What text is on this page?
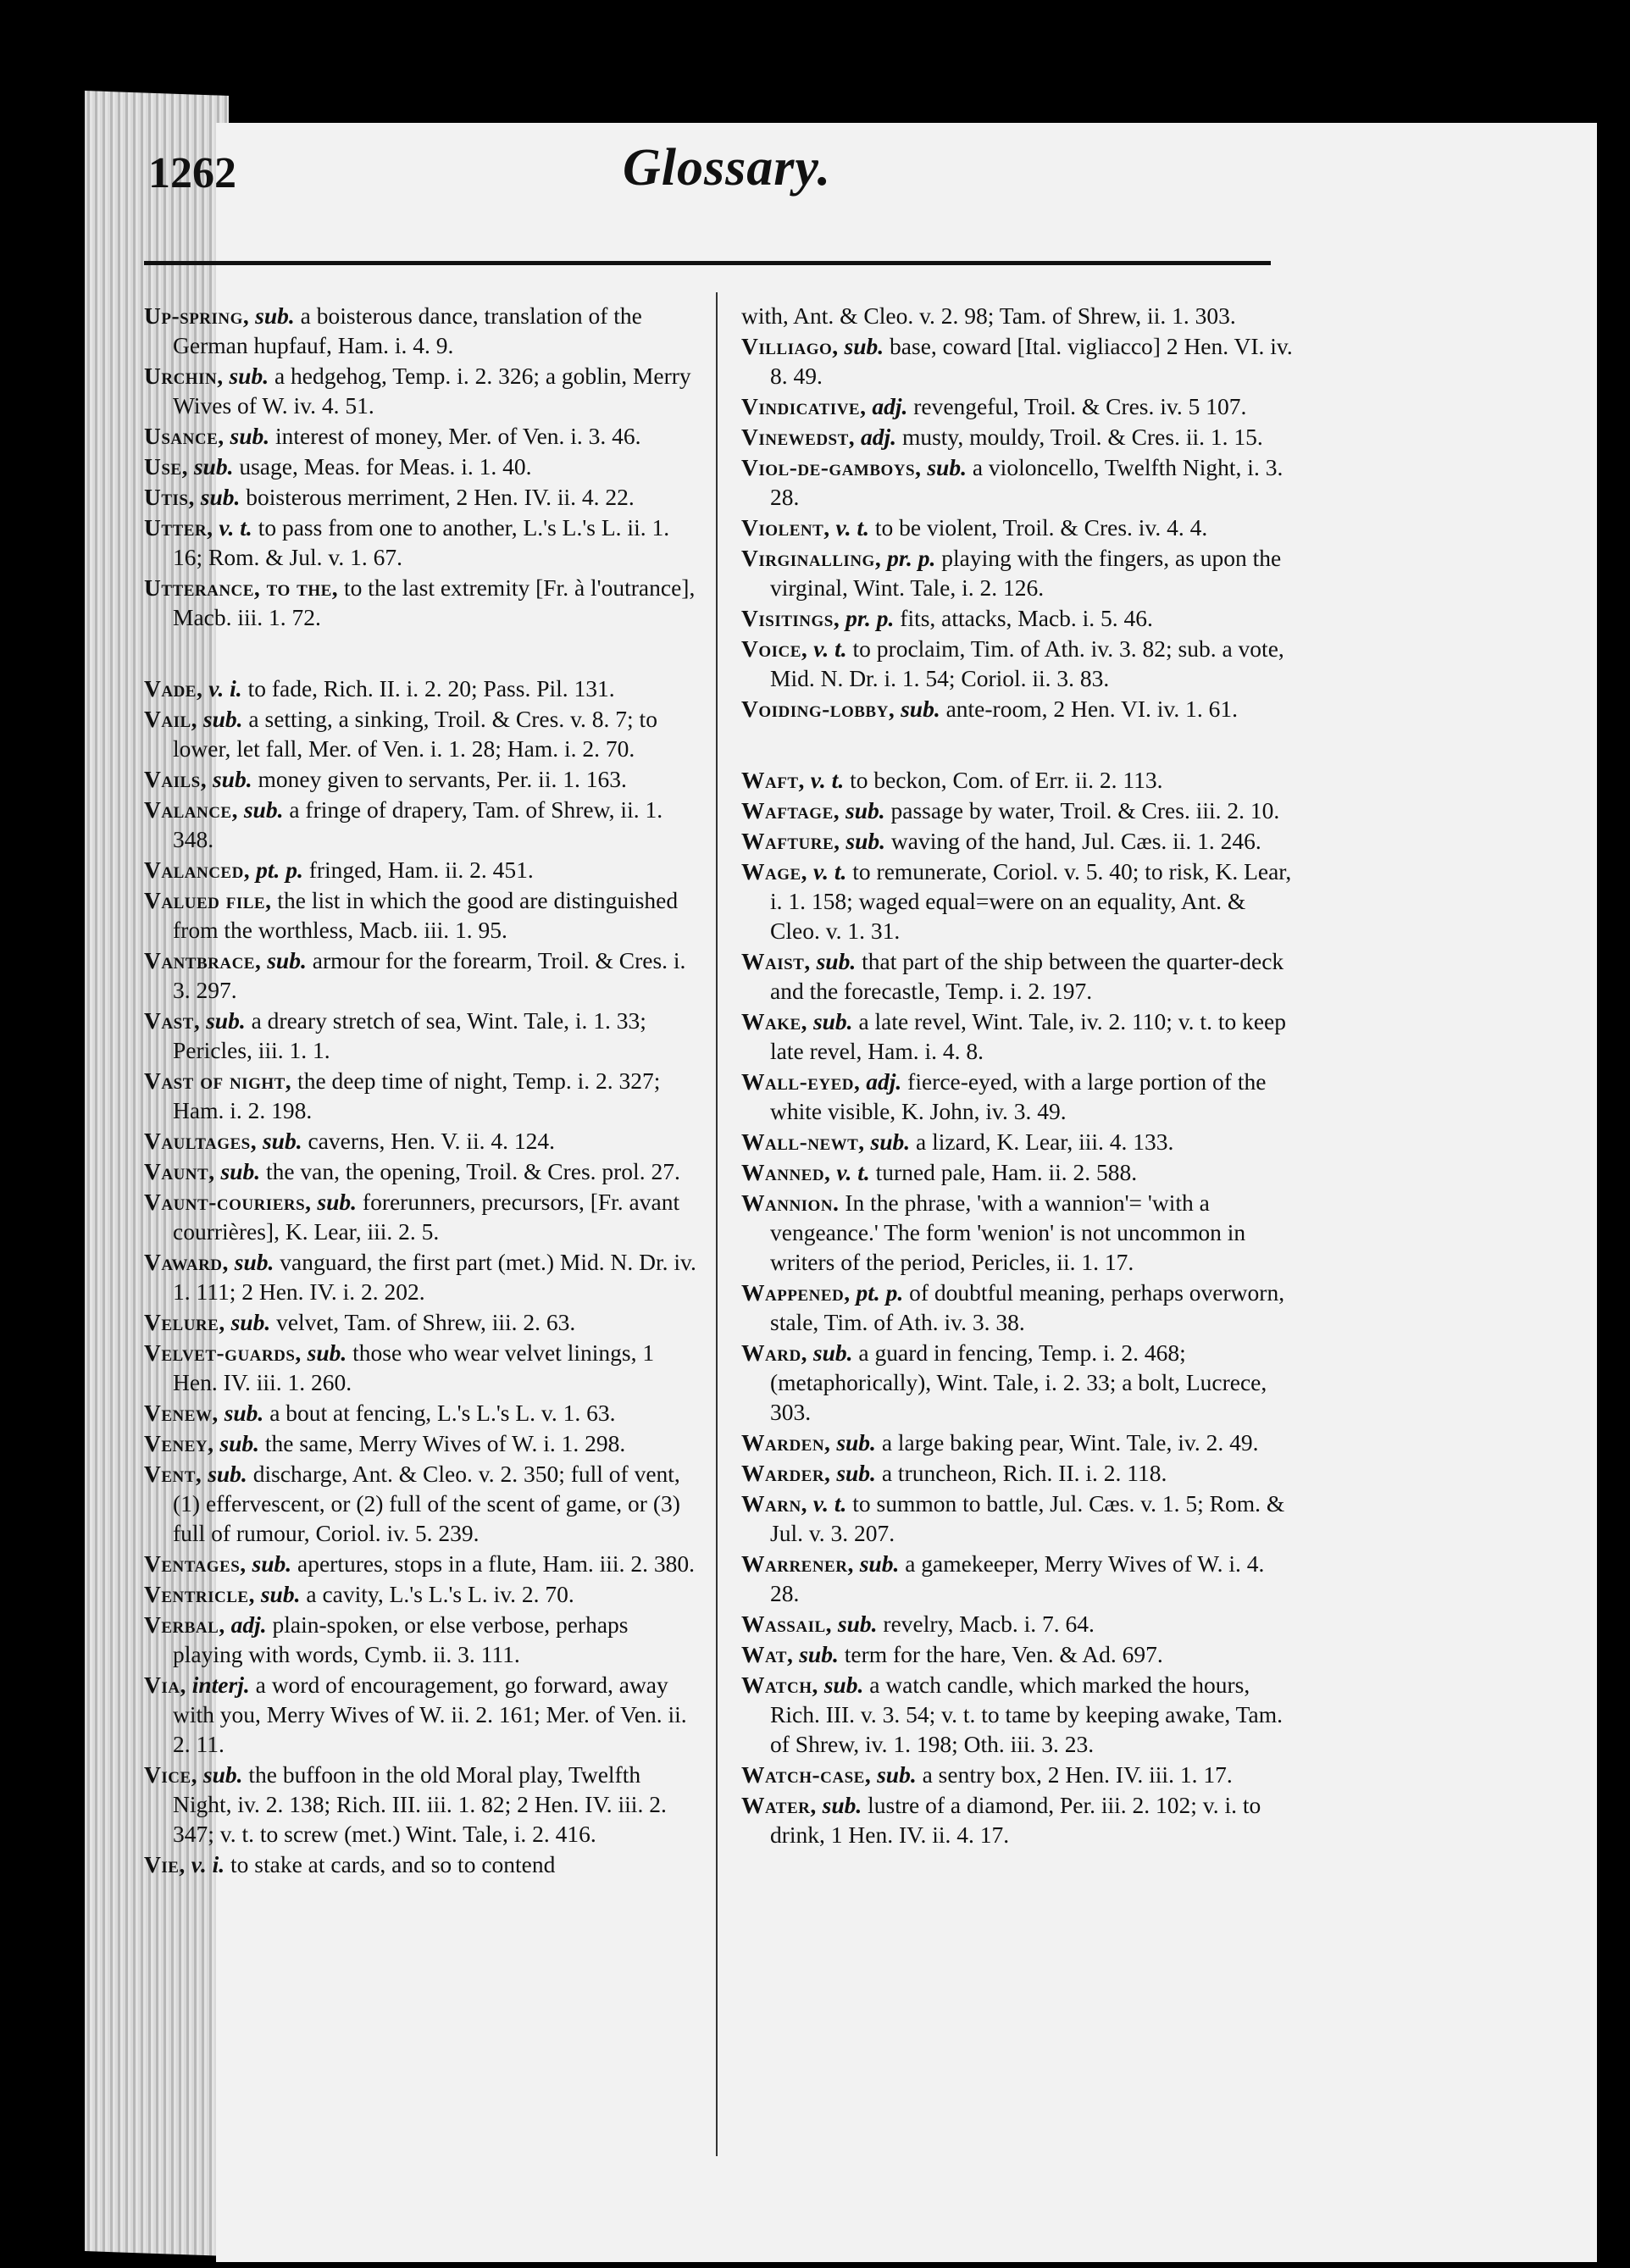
1262	Glossary.
Up-spring, sub. a boisterous dance, translation of the German hupfauf, Ham. i. 4. 9.
Urchin, sub. a hedgehog, Temp. i. 2. 326; a goblin, Merry Wives of W. iv. 4. 51.
Usance, sub. interest of money, Mer. of Ven. i. 3. 46.
Use, sub. usage, Meas. for Meas. i. 1. 40.
Utis, sub. boisterous merriment, 2 Hen. IV. ii. 4. 22.
Utter, v. t. to pass from one to another, L.'s L.'s L. ii. 1. 16; Rom. & Jul. v. 1. 67.
Utterance, to the, to the last extremity [Fr. à l'outrance], Macb. iii. 1. 72.
Vade, v. i. to fade, Rich. II. i. 2. 20; Pass. Pil. 131.
Vail, sub. a setting, a sinking, Troil. & Cres. v. 8. 7; to lower, let fall, Mer. of Ven. i. 1. 28; Ham. i. 2. 70.
Vails, sub. money given to servants, Per. ii. 1. 163.
Valance, sub. a fringe of drapery, Tam. of Shrew, ii. 1. 348.
Valanced, pt. p. fringed, Ham. ii. 2. 451.
Valued file, the list in which the good are distinguished from the worthless, Macb. iii. 1. 95.
Vantbrace, sub. armour for the forearm, Troil. & Cres. i. 3. 297.
Vast, sub. a dreary stretch of sea, Wint. Tale, i. 1. 33; Pericles, iii. 1. 1.
Vast of night, the deep time of night, Temp. i. 2. 327; Ham. i. 2. 198.
Vaultages, sub. caverns, Hen. V. ii. 4. 124.
Vaunt, sub. the van, the opening, Troil. & Cres. prol. 27.
Vaunt-couriers, sub. forerunners, precursors, [Fr. avant courrières], K. Lear, iii. 2. 5.
Vaward, sub. vanguard, the first part (met.) Mid. N. Dr. iv. 1. 111; 2 Hen. IV. i. 2. 202.
Velure, sub. velvet, Tam. of Shrew, iii. 2. 63.
Velvet-guards, sub. those who wear velvet linings, 1 Hen. IV. iii. 1. 260.
Venew, sub. a bout at fencing, L.'s L.'s L. v. 1. 63.
Veney, sub. the same, Merry Wives of W. i. 1. 298.
Vent, sub. discharge, Ant. & Cleo. v. 2. 350; full of vent, (1) effervescent, or (2) full of the scent of game, or (3) full of rumour, Coriol. iv. 5. 239.
Ventages, sub. apertures, stops in a flute, Ham. iii. 2. 380.
Ventricle, sub. a cavity, L.'s L.'s L. iv. 2. 70.
Verbal, adj. plain-spoken, or else verbose, perhaps playing with words, Cymb. ii. 3. 111.
Via, interj. a word of encouragement, go forward, away with you, Merry Wives of W. ii. 2. 161; Mer. of Ven. ii. 2. 11.
Vice, sub. the buffoon in the old Moral play, Twelfth Night, iv. 2. 138; Rich. III. iii. 1. 82; 2 Hen. IV. iii. 2. 347; v. t. to screw (met.) Wint. Tale, i. 2. 416.
Vie, v. i. to stake at cards, and so to contend
with, Ant. & Cleo. v. 2. 98; Tam. of Shrew, ii. 1. 303.
Villiago, sub. base, coward [Ital. vigliacco] 2 Hen. VI. iv. 8. 49.
Vindicative, adj. revengeful, Troil. & Cres. iv. 5 107.
Vinewedst, adj. musty, mouldy, Troil. & Cres. ii. 1. 15.
Viol-de-gamboys, sub. a violoncello, Twelfth Night, i. 3. 28.
Violent, v. t. to be violent, Troil. & Cres. iv. 4. 4.
Virginalling, pr. p. playing with the fingers, as upon the virginal, Wint. Tale, i. 2. 126.
Visitings, pr. p. fits, attacks, Macb. i. 5. 46.
Voice, v. t. to proclaim, Tim. of Ath. iv. 3. 82; sub. a vote, Mid. N. Dr. i. 1. 54; Coriol. ii. 3. 83.
Voiding-lobby, sub. ante-room, 2 Hen. VI. iv. 1. 61.
Waft, v. t. to beckon, Com. of Err. ii. 2. 113.
Waftage, sub. passage by water, Troil. & Cres. iii. 2. 10.
Wafture, sub. waving of the hand, Jul. Cæs. ii. 1. 246.
Wage, v. t. to remunerate, Coriol. v. 5. 40; to risk, K. Lear, i. 1. 158; waged equal=were on an equality, Ant. & Cleo. v. 1. 31.
Waist, sub. that part of the ship between the quarter-deck and the forecastle, Temp. i. 2. 197.
Wake, sub. a late revel, Wint. Tale, iv. 2. 110; v. t. to keep late revel, Ham. i. 4. 8.
Wall-eyed, adj. fierce-eyed, with a large portion of the white visible, K. John, iv. 3. 49.
Wall-newt, sub. a lizard, K. Lear, iii. 4. 133.
Wanned, v. t. turned pale, Ham. ii. 2. 588.
Wannion. In the phrase, 'with a wannion'= 'with a vengeance.' The form 'wenion' is not uncommon in writers of the period, Pericles, ii. 1. 17.
Wappened, pt. p. of doubtful meaning, perhaps overworn, stale, Tim. of Ath. iv. 3. 38.
Ward, sub. a guard in fencing, Temp. i. 2. 468; (metaphorically), Wint. Tale, i. 2. 33; a bolt, Lucrece, 303.
Warden, sub. a large baking pear, Wint. Tale, iv. 2. 49.
Warder, sub. a truncheon, Rich. II. i. 2. 118.
Warn, v. t. to summon to battle, Jul. Cæs. v. 1. 5; Rom. & Jul. v. 3. 207.
Warrener, sub. a gamekeeper, Merry Wives of W. i. 4. 28.
Wassail, sub. revelry, Macb. i. 7. 64.
Wat, sub. term for the hare, Ven. & Ad. 697.
Watch, sub. a watch candle, which marked the hours, Rich. III. v. 3. 54; v. t. to tame by keeping awake, Tam. of Shrew, iv. 1. 198; Oth. iii. 3. 23.
Watch-case, sub. a sentry box, 2 Hen. IV. iii. 1. 17.
Water, sub. lustre of a diamond, Per. iii. 2. 102; v. i. to drink, 1 Hen. IV. ii. 4. 17.
